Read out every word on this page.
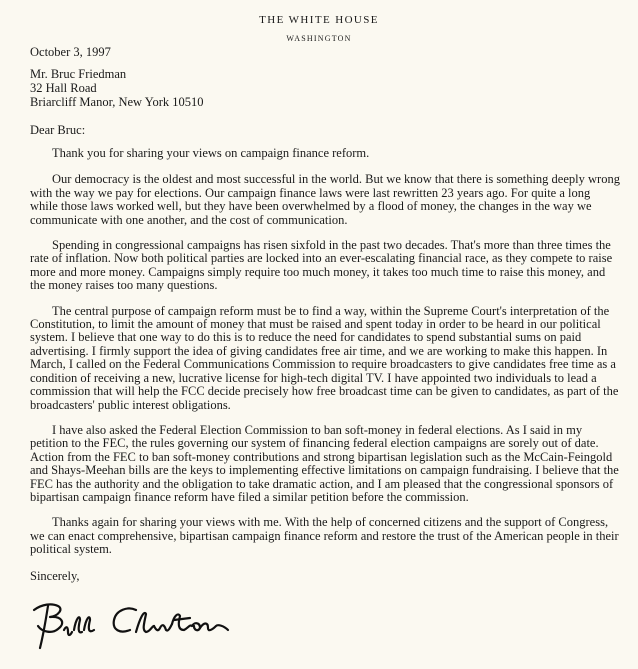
THE WHITE HOUSE
WASHINGTON
October 3, 1997
Mr. Bruc Friedman
32 Hall Road
Briarcliff Manor, New York 10510
Dear Bruc:

Thank you for sharing your views on campaign finance reform.

Our democracy is the oldest and most successful in the world. But we know that there is something deeply wrong with the way we pay for elections. Our campaign finance laws were last rewritten 23 years ago. For quite a long while those laws worked well, but they have been overwhelmed by a flood of money, the changes in the way we communicate with one another, and the cost of communication.

Spending in congressional campaigns has risen sixfold in the past two decades. That's more than three times the rate of inflation. Now both political parties are locked into an ever-escalating financial race, as they compete to raise more and more money. Campaigns simply require too much money, it takes too much time to raise this money, and the money raises too many questions.

The central purpose of campaign reform must be to find a way, within the Supreme Court's interpretation of the Constitution, to limit the amount of money that must be raised and spent today in order to be heard in our political system. I believe that one way to do this is to reduce the need for candidates to spend substantial sums on paid advertising. I firmly support the idea of giving candidates free air time, and we are working to make this happen. In March, I called on the Federal Communications Commission to require broadcasters to give candidates free time as a condition of receiving a new, lucrative license for high-tech digital TV. I have appointed two individuals to lead a commission that will help the FCC decide precisely how free broadcast time can be given to candidates, as part of the broadcasters' public interest obligations.

I have also asked the Federal Election Commission to ban soft-money in federal elections. As I said in my petition to the FEC, the rules governing our system of financing federal election campaigns are sorely out of date. Action from the FEC to ban soft-money contributions and strong bipartisan legislation such as the McCain-Feingold and Shays-Meehan bills are the keys to implementing effective limitations on campaign fundraising. I believe that the FEC has the authority and the obligation to take dramatic action, and I am pleased that the congressional sponsors of bipartisan campaign finance reform have filed a similar petition before the commission.

Thanks again for sharing your views with me. With the help of concerned citizens and the support of Congress, we can enact comprehensive, bipartisan campaign finance reform and restore the trust of the American people in their political system.

Sincerely,
